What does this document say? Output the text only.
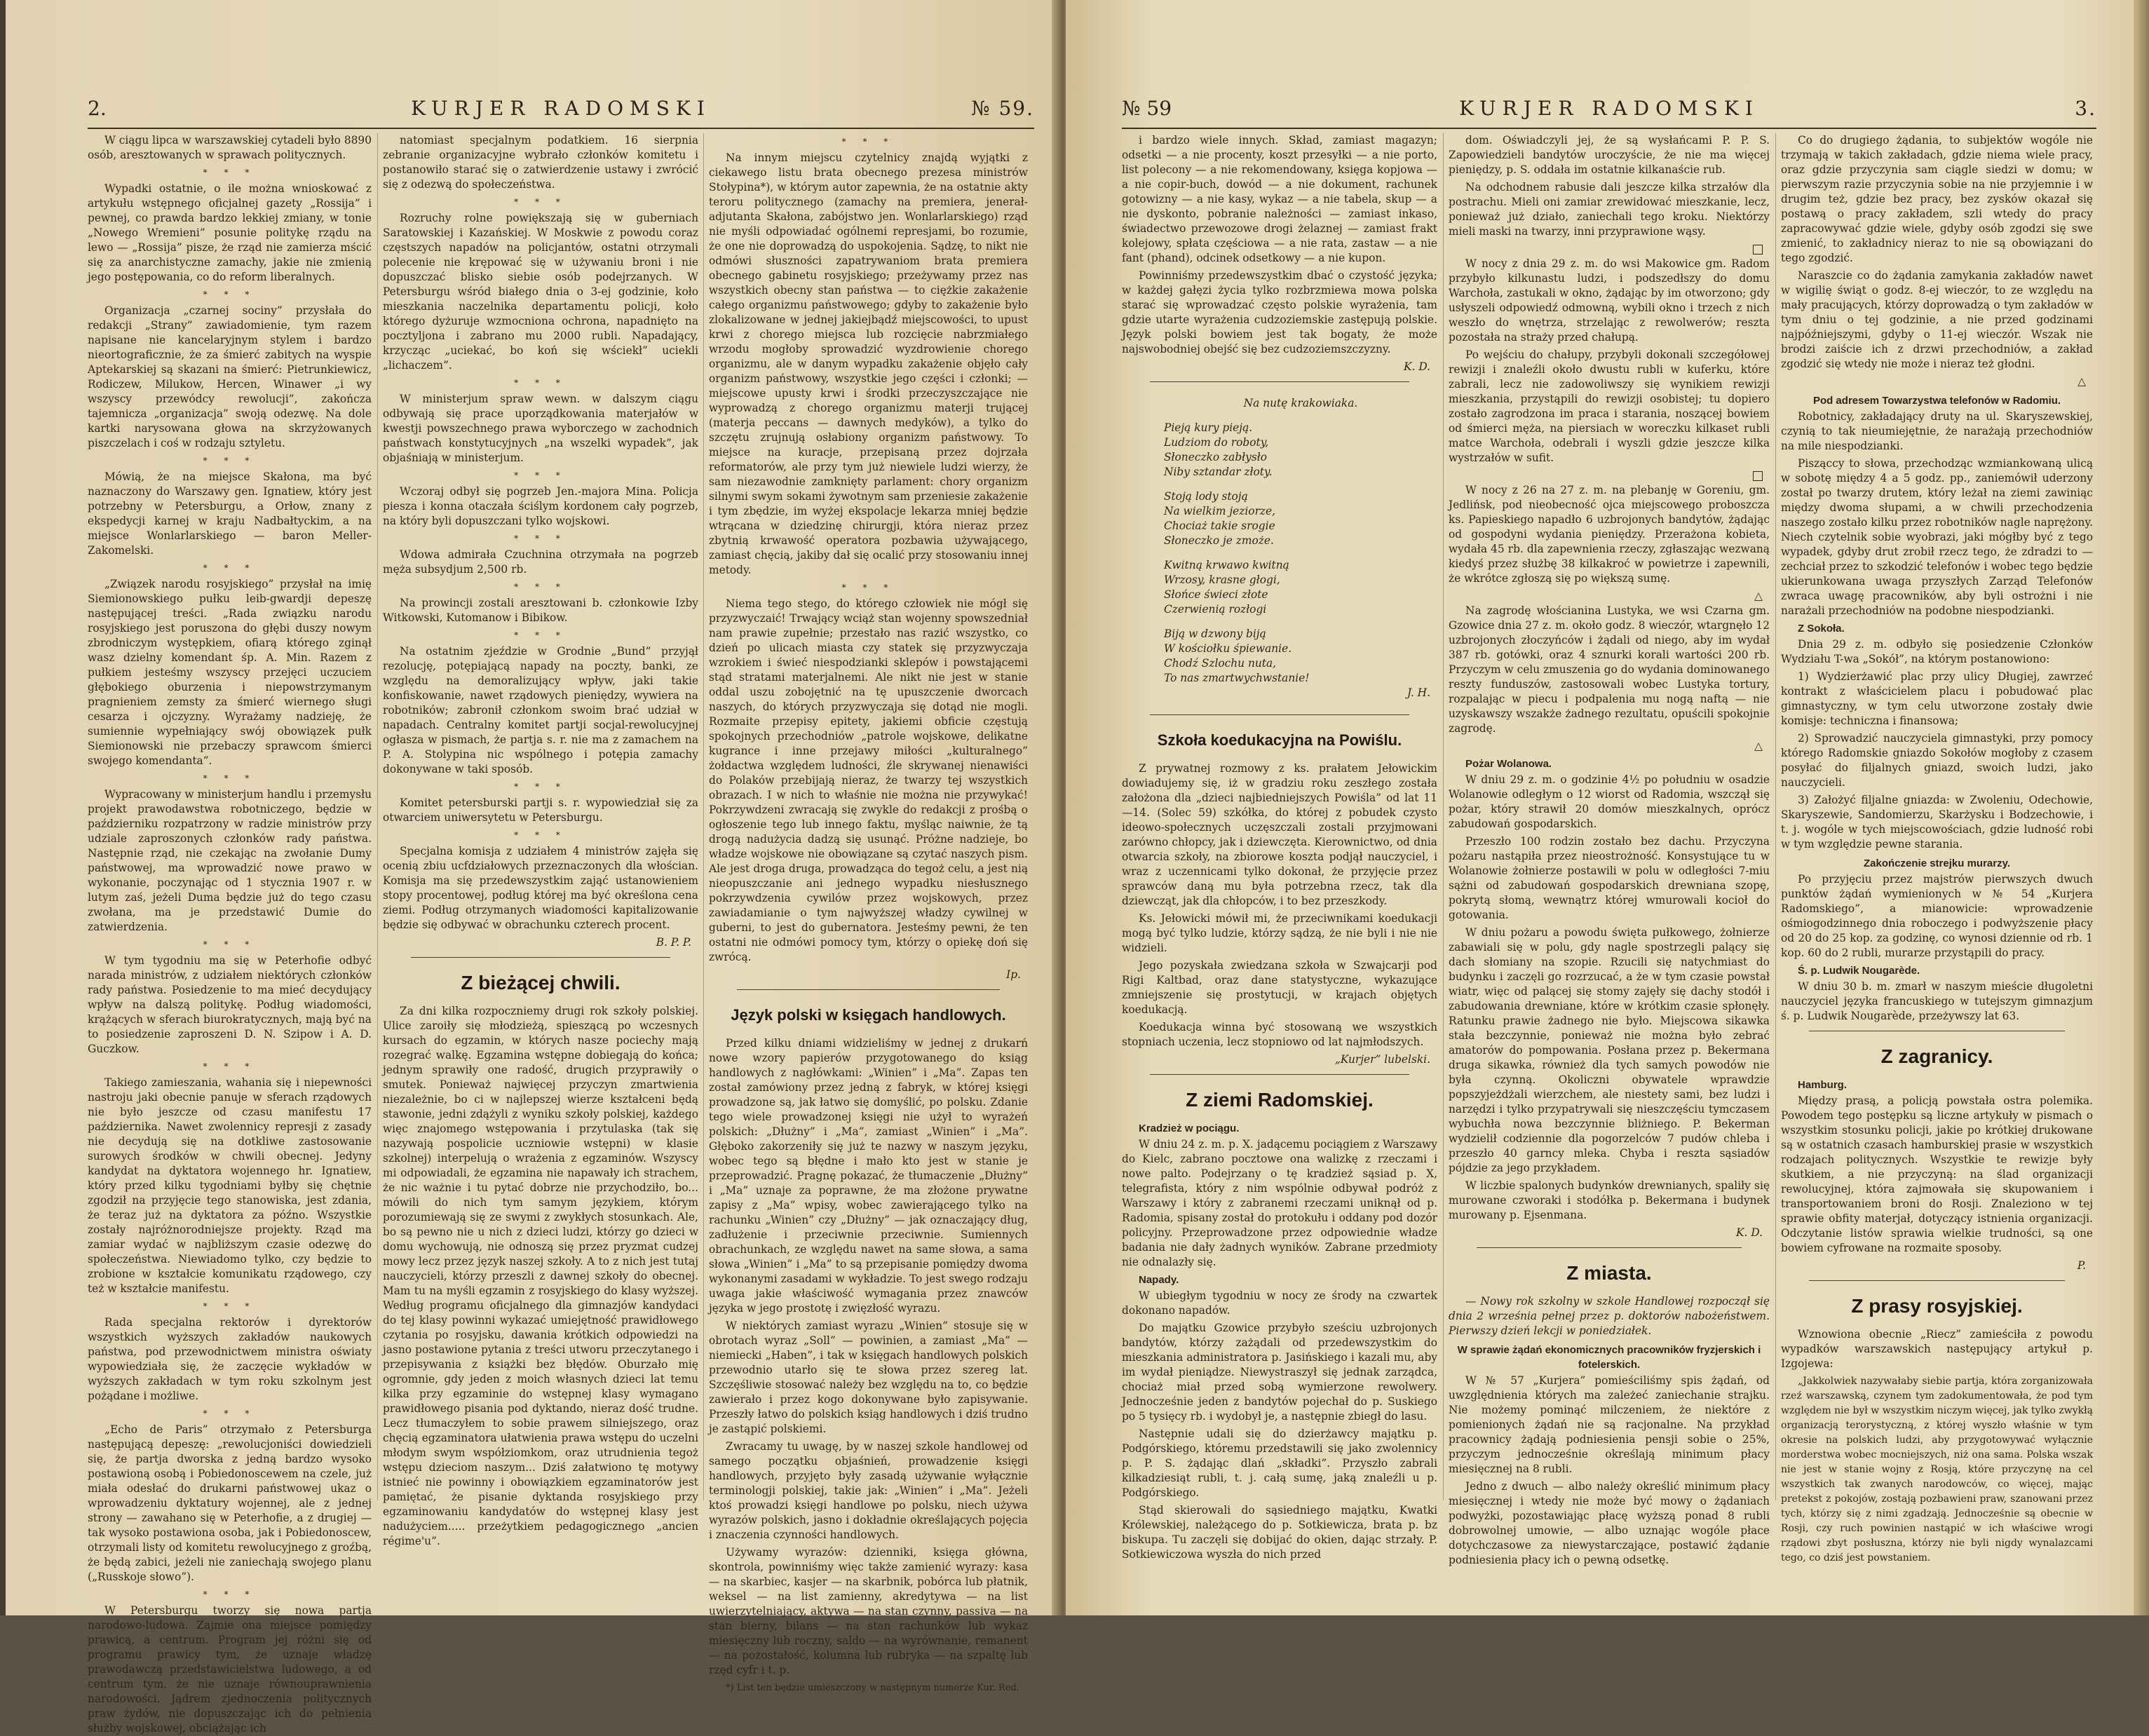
2.	KURJER RADOMSKI	№ 59.

W ciągu lipca w warszawskiej cytadeli było 8890 osób, aresztowanych w sprawach politycznych.

* * *

Wypadki ostatnie, o ile można wnioskować z artykułu wstępnego oficjalnej gazety „Rossija” i pewnej, co prawda bardzo lekkiej zmiany, w tonie „Nowego Wremieni” posunie politykę rządu na lewo — „Rossija” pisze, że rząd nie zamierza mścić się za anarchistyczne zamachy, jakie nie zmienią jego postępowania, co do reform liberalnych.

* * *

Organizacja „czarnej sociny” przysłała do redakcji „Strany” zawiadomienie, tym razem napisane nie kancelaryjnym stylem i bardzo nieortograficznie, że za śmierć zabitych na wyspie Aptekarskiej są skazani na śmierć: Pietrunkiewicz, Rodiczew, Milukow, Hercen, Winawer „i wy wszyscy przewódcy rewolucji”, zakończa tajemnicza „organizacja” swoją odezwę. Na dole kartki narysowana głowa na skrzyżowanych piszczelach i coś w rodzaju sztyletu.

* * *

Mówią, że na miejsce Skałona, ma być naznaczony do Warszawy gen. Ignatiew, który jest potrzebny w Petersburgu, a Orłow, znany z ekspedycji karnej w kraju Nadbałtyckim, a na miejsce Wonlarlarskiego — baron Meller-Zakomelski.

* * *

„Związek narodu rosyjskiego” przysłał na imię Siemionowskiego pułku leib-gwardji depeszę następującej treści. „Rada związku narodu rosyjskiego jest poruszona do głębi duszy nowym zbrodniczym występkiem, ofiarą którego zginął wasz dzielny komendant śp. A. Min. Razem z pułkiem jesteśmy wszyscy przejęci uczuciem głębokiego oburzenia i niepowstrzymanym pragnieniem zemsty za śmierć wiernego sługi cesarza i ojczyzny. Wyrażamy nadzieję, że sumiennie wypełniający swój obowiązek pułk Siemionowski nie przebaczy sprawcom śmierci swojego komendanta”.

* * *

Wypracowany w ministerjum handlu i przemysłu projekt prawodawstwa robotniczego, będzie w październiku rozpatrzony w radzie ministrów przy udziale zaproszonych członków rady państwa. Następnie rząd, nie czekając na zwołanie Dumy państwowej, ma wprowadzić nowe prawo w wykonanie, poczynając od 1 stycznia 1907 r. w lutym zaś, jeżeli Duma będzie już do tego czasu zwołana, ma je przedstawić Dumie do zatwierdzenia.

* * *

W tym tygodniu ma się w Peterhofie odbyć narada ministrów, z udziałem niektórych członków rady państwa. Posiedzenie to ma mieć decydujący wpływ na dalszą politykę. Podług wiadomości, krążących w sferach biurokratycznych, mają być na to posiedzenie zaproszeni D. N. Szipow i A. D. Guczkow.

* * *

Takiego zamieszania, wahania się i niepewności nastroju jaki obecnie panuje w sferach rządowych nie było jeszcze od czasu manifestu 17 października. Nawet zwolennicy represji z zasady nie decydują się na dotkliwe zastosowanie surowych środków w chwili obecnej. Jedyny kandydat na dyktatora wojennego hr. Ignatiew, który przed kilku tygodniami byłby się chętnie zgodził na przyjęcie tego stanowiska, jest zdania, że teraz już na dyktatora za późno. Wszystkie zostały najróżnorodniejsze projekty. Rząd ma zamiar wydać w najbliższym czasie odezwę do społeczeństwa. Niewiadomo tylko, czy będzie to zrobione w kształcie komunikatu rządowego, czy też w kształcie manifestu.

* * *

Rada specjalna rektorów i dyrektorów wszystkich wyższych zakładów naukowych państwa, pod przewodnictwem ministra oświaty wypowiedziała się, że zaczęcie wykładów w wyższych zakładach w tym roku szkolnym jest pożądane i możliwe.

* * *

„Echo de Paris” otrzymało z Petersburga następującą depeszę: „rewolucjoniści dowiedzieli się, że partja dworska z jedną bardzo wysoko postawioną osobą i Pobiedonoscewem na czele, już miała odesłać do drukarni państwowej ukaz o wprowadzeniu dyktatury wojennej, ale z jednej strony — zawahano się w Peterhofie, a z drugiej — tak wysoko postawiona osoba, jak i Pobiedonoscew, otrzymali listy od komitetu rewolucyjnego z groźbą, że będą zabici, jeżeli nie zaniechają swojego planu („Russkoje słowo”).

* * *

W Petersburgu tworzy się nowa partja narodowo-ludowa. Zajmie ona miejsce pomiędzy prawicą, a centrum. Program jej różni się od programu prawicy tym, że uznaje władzę prawodawczą przedstawicielstwa ludowego, a od centrum tym, że nie uznaje równouprawnienia narodowości. Jądrem zjednoczenia politycznych praw żydów, nie dopuszczając ich do pełnienia służby wojskowej, obciążając ich

natomiast specjalnym podatkiem. 16 sierpnia zebranie organizacyjne wybrało członków komitetu i postanowiło starać się o zatwierdzenie ustawy i zwrócić się z odezwą do społeczeństwa.

* * *

Rozruchy rolne powiększają się w guberniach Saratowskiej i Kazańskiej. W Moskwie z powodu coraz częstszych napadów na policjantów, ostatni otrzymali polecenie nie krępować się w używaniu broni i nie dopuszczać blisko siebie osób podejrzanych. W Petersburgu wśród białego dnia o 3-ej godzinie, koło mieszkania naczelnika departamentu policji, koło którego dyżuruje wzmocniona ochrona, napadnięto na pocztyljona i zabrano mu 2000 rubli. Napadający, krzycząc „uciekać, bo koń się wściekł” uciekli „lichaczem”.

* * *

W ministerjum spraw wewn. w dalszym ciągu odbywają się prace uporządkowania materjałów w kwestji powszechnego prawa wyborczego w zachodnich państwach konstytucyjnych „na wszelki wypadek”, jak objaśniają w ministerjum.

* * *

Wczoraj odbył się pogrzeb Jen.-majora Mina. Policja piesza i konna otaczała ściślym kordonem cały pogrzeb, na który byli dopuszczani tylko wojskowi.

* * *

Wdowa admirała Czuchnina otrzymała na pogrzeb męża subsydjum 2,500 rb.

* * *

Na prowincji zostali aresztowani b. członkowie Izby Witkowski, Kutomanow i Bibikow.

* * *

Na ostatnim zjeździe w Grodnie „Bund” przyjął rezolucję, potępiającą napady na poczty, banki, ze względu na demoralizujący wpływ, jaki takie konfiskowanie, nawet rządowych pieniędzy, wywiera na robotników; zabronił członkom swoim brać udział w napadach. Centralny komitet partji socjal-rewolucyjnej ogłasza w pismach, że partja s. r. nie ma z zamachem na P. A. Stolypina nic wspólnego i potępia zamachy dokonywane w taki sposób.

* * *

Komitet petersburski partji s. r. wypowiedział się za otwarciem uniwersytetu w Petersburgu.

* * *

Specjalna komisja z udziałem 4 ministrów zajęła się ocenią zbiu ucfdziałowych przeznaczonych dla włościan. Komisja ma się przedewszystkim zająć ustanowieniem stopy procentowej, podług której ma być określona cena ziemi. Podług otrzymanych wiadomości kapitalizowanie będzie się odbywać w obrachunku czterech procent.

B. P. P.
Z bieżącej chwili.

Za dni kilka rozpoczniemy drugi rok szkoły polskiej. Ulice zaroiły się młodzieżą, spieszącą po wczesnych kursach do egzamin, w których nasze pociechy mają rozegrać walkę. Egzamina wstępne dobiegają do końca; jednym sprawiły one radość, drugich przyprawiły o smutek. Ponieważ najwięcej przyczyn zmartwienia niezależnie, bo ci w najlepszej wierze kształceni będą stawonie, jedni zdążyli z wyniku szkoły polskiej, każdego więc znajomego wstępowania i przytulaska (tak się nazywają pospolicie uczniowie wstępni) w klasie szkolnej) interpelują o wrażenia z egzaminów. Wszyscy mi odpowiadali, że egzamina nie napawały ich strachem, że nic ważnie i tu pytać dobrze nie przychodziło, bo... mówili do nich tym samym językiem, którym porozumiewają się ze swymi z zwykłych stosunkach. Ale, bo są pewno nie u nich z dzieci ludzi, którzy go dzieci w domu wychowują, nie odnoszą się przez pryzmat cudzej mowy lecz przez język naszej szkoły. A to z nich jest tutaj nauczycieli, którzy przeszli z dawnej szkoły do obecnej. Mam tu na myśli egzamin z rosyjskiego do klasy wyższej. Według programu oficjalnego dla gimnazjów kandydaci do tej klasy powinni wykazać umiejętność prawidłowego czytania po rosyjsku, dawania krótkich odpowiedzi na jasno postawione pytania z treści utworu przeczytanego i przepisywania z książki bez błędów. Oburzało mię ogromnie, gdy jeden z moich własnych dzieci lat temu kilka przy egzaminie do wstępnej klasy wymagano prawidłowego pisania pod dyktando, nieraz dość trudne. Lecz tłumaczyłem to sobie prawem silniejszego, oraz chęcią egzaminatora ułatwienia prawa wstępu do uczelni młodym swym współziomkom, oraz utrudnienia tegoż wstępu dzieciom naszym... Dziś załatwiono tę motywy istnieć nie powinny i obowiązkiem egzaminatorów jest pamiętać, że pisanie dyktanda rosyjskiego przy egzaminowaniu kandydatów do wstępnej klasy jest nadużyciem..... przeżytkiem pedagogicznego „ancien régime'u”.

* * *

Na innym miejscu czytelnicy znajdą wyjątki z ciekawego listu brata obecnego prezesa ministrów Stołypina*), w którym autor zapewnia, że na ostatnie akty teroru politycznego (zamachy na premiera, jenerał-adjutanta Skałona, zabójstwo jen. Wonlarlarskiego) rząd nie myśli odpowiadać ogólnemi represjami, bo rozumie, że one nie doprowadzą do uspokojenia. Sądzę, to nikt nie odmówi słuszności zapatrywaniom brata premiera obecnego gabinetu rosyjskiego; przeżywamy przez nas wszystkich obecny stan państwa — to ciężkie zakażenie całego organizmu państwowego; gdyby to zakażenie było zlokalizowane w jednej jakiejbądź miejscowości, to upust krwi z chorego miejsca lub rozcięcie nabrzmiałego wrzodu mogłoby sprowadzić wyzdrowienie chorego organizmu, ale w danym wypadku zakażenie objęło cały organizm państwowy, wszystkie jego części i członki; — miejscowe upusty krwi i środki przeczyszczające nie wyprowadzą z chorego organizmu materji trującej (materja peccans — dawnych medyków), a tylko do szczętu zrujnują osłabiony organizm państwowy. To miejsce na kuracje, przepisaną przez dojrzała reformatorów, ale przy tym już niewiele ludzi wierzy, że sam niezawodnie zamknięty parlament: chory organizm silnymi swym sokami żywotnym sam przeniesie zakażenie i tym zbędzie, im wyżej ekspolacje lekarza mniej będzie wtrącana w dziedzinę chirurgji, która nieraz przez zbytnią krwawość operatora pozbawia używającego, zamiast chęcią, jakiby dał się ocalić przy stosowaniu innej metody.

* * *

Niema tego stego, do którego człowiek nie mógł się przyzwyczaić! Trwający wciąż stan wojenny spowszedniał nam prawie zupełnie; przestało nas razić wszystko, co dzień po ulicach miasta czy statek się przyzwyczaja wzrokiem i świeć niespodzianki sklepów i powstającemi stąd stratami materjalnemi. Ale nikt nie jest w stanie oddal uszu zobojętnić na tę upuszczenie dworcach naszych, do których przyzwyczaja się dotąd nie mogli. Rozmaite przepisy epitety, jakiemi obficie częstują spokojnych przechodniów „patrole wojskowe, delikatne kugrance i inne przejawy miłości „kulturalnego” żołdactwa względem ludności, źle skrywanej nienawiści do Polaków przebijają nieraz, że twarzy tej wszystkich obrazach. I w nich to właśnie nie można nie przywykać! Pokrzywdzeni zwracają się zwykle do redakcji z prośbą o ogłoszenie tego lub innego faktu, myśląc naiwnie, że tą drogą nadużycia dadzą się usunąć. Próżne nadzieje, bo władze wojskowe nie obowiązane są czytać naszych pism. Ale jest droga druga, prowadząca do tegoż celu, a jest nią nieopuszczanie ani jednego wypadku niesłusznego pokrzywdzenia cywilów przez wojskowych, przez zawiadamianie o tym najwyższej władzy cywilnej w guberni, to jest do gubernatora. Jesteśmy pewni, że ten ostatni nie odmówi pomocy tym, którzy o opiekę doń się zwrócą.

Ip.
Język polski w księgach handlowych.

Przed kilku dniami widzieliśmy w jednej z drukarń nowe wzory papierów przygotowanego do ksiąg handlowych z nagłówkami: „Winien” i „Ma”. Zapas ten został zamówiony przez jedną z fabryk, w której księgi prowadzone są, jak łatwo się domyślić, po polsku. Zdanie tego wiele prowadzonej księgi nie użył to wyrażeń polskich: „Dłużny” i „Ma”, zamiast „Winien” i „Ma”. Głęboko zakorzeniły się już te nazwy w naszym języku, wobec tego są błędne i mało kto jest w stanie je przeprowadzić. Pragnę pokazać, że tłumaczenie „Dłużny” i „Ma” uznaje za poprawne, że ma złożone prywatne zapisy z „Ma” wpisy, wobec zawierającego tylko na rachunku „Winien” czy „Dłużny” — jak oznaczający dług, zadłużenie i przeciwnie przeciwnie. Sumiennych obrachunkach, ze względu nawet na same słowa, a sama słowa „Winien” i „Ma” to są przepisanie pomiędzy dwoma wykonanymi zasadami w wykładzie. To jest swego rodzaju uwaga jakie właściwość wymagania przez znawców języka w jego prostotę i zwięzłość wyrazu.

W niektórych zamiast wyrazu „Winien” stosuje się w obrotach wyraz „Soll” — powinien, a zamiast „Ma” — niemiecki „Haben”, i tak w księgach handlowych polskich przewodnio utarło się te słowa przez szereg lat. Szczęśliwie stosować należy bez względu na to, co będzie zawierało i przez kogo dokonywane było zapisywanie. Przeszły łatwo do polskich ksiąg handlowych i dziś trudno je zastąpić polskiemi.

Zwracamy tu uwagę, by w naszej szkole handlowej od samego początku objaśnień, prowadzenie księgi handlowych, przyjęto były zasadą używanie wyłącznie terminologji polskiej, takie jak: „Winien” i „Ma”. Jeżeli ktoś prowadzi księgi handlowe po polsku, niech używa wyrazów polskich, jasno i dokładnie określających pojęcia i znaczenia czynności handlowych.

Używamy wyrazów: dzienniki, księga główna, skontrola, powinniśmy więc także zamienić wyrazy: kasa — na skarbiec, kasjer — na skarbnik, pobórca lub płatnik, weksel — na list zamienny, akredytywa — na list uwierzytelniający, aktywa — na stan czynny, passiva — na stan bierny, bilans — na stan rachunków lub wykaz miesięczny lub roczny, saldo — na wyrównanie, remanent — na pozostałość, kolumna lub rubryka — na szpaltę lub rzęd cyfr i t. p.

*) List ten będzie umieszczony w następnym numerze Kur. Red.

№ 59	KURJER RADOMSKI	3.

i bardzo wiele innych. Skład, zamiast magazyn; odsetki — a nie procenty, koszt przesyłki — a nie porto, list polecony — a nie rekomendowany, księga kopjowa — a nie copir-buch, dowód — a nie dokument, rachunek gotowizny — a nie kasy, wykaz — a nie tabela, skup — a nie dyskonto, pobranie należności — zamiast inkaso, świadectwo przewozowe drogi żelaznej — zamiast frakt kolejowy, spłata częściowa — a nie rata, zastaw — a nie fant (phand), odcinek odsetkowy — a nie kupon.

Powinniśmy przedewszystkim dbać o czystość języka; w każdej gałęzi życia tylko rozbrzmiewa mowa polska starać się wprowadzać często polskie wyrażenia, tam gdzie utarte wyrażenia cudzoziemskie zastępują polskie. Język polski bowiem jest tak bogaty, że może najswobodniej obejść się bez cudzoziemszczyzny.

K. D.
Na nutę krakowiaka.
Pieją kury pieją.
Ludziom do roboty,
Słoneczko zabłysło
Niby sztandar złoty.
Stoją lody stoją
Na wielkim jeziorze,
Chociaż takie srogie
Słoneczko je zmoże.
Kwitną krwawo kwitną
Wrzosy, krasne głogi,
Słońce świeci złote
Czerwienią rozłogi
Biją w dzwony biją
W kościołku śpiewanie.
Chodź Szlochu nuta,
To nas zmartwychwstanie!
J. H.
Szkoła koedukacyjna na Powiślu.

Z prywatnej rozmowy z ks. prałatem Jełowickim dowiadujemy się, iż w gradziu roku zeszłego została założona dla „dzieci najbiedniejszych Powiśla” od lat 11—14. (Solec 59) szkółka, do której z pobudek czysto ideowo-społecznych uczęszczali zostali przyjmowani zarówno chłopcy, jak i dziewczęta. Kierownictwo, od dnia otwarcia szkoły, na zbiorowe koszta podjął nauczyciel, i wraz z uczennicami tylko dokonał, że przyjęcie przez sprawców daną mu była potrzebna rzecz, tak dla dziewcząt, jak dla chłopców, i to bez przeszkody.

Ks. Jełowicki mówił mi, że przeciwnikami koedukacji mogą być tylko ludzie, którzy sądzą, że nie byli i nie nie widzieli.

Jego pozyskała zwiedzana szkoła w Szwajcarji pod Rigi Kaltbad, oraz dane statystyczne, wykazujące zmniejszenie się prostytucji, w krajach objętych koedukacją.

Koedukacja winna być stosowaną we wszystkich stopniach uczenia, lecz stopniowo od lat najmłodszych.

„Kurjer” lubelski.
Z ziemi Radomskiej.
Kradzież w pociągu.

W dniu 24 z. m. p. X. jadącemu pociągiem z Warszawy do Kielc, zabrano pocztowe ona walizkę z rzeczami i nowe palto. Podejrzany o tę kradzież sąsiad p. X, telegrafista, który z nim wspólnie odbywał podróż z Warszawy i który z zabranemi rzeczami uniknął od p. Radomia, spisany został do protokułu i oddany pod dozór policyjny. Przeprowadzone przez odpowiednie władze badania nie dały żadnych wyników. Zabrane przedmioty nie odnalazły się.

Napady.

W ubiegłym tygodniu w nocy ze środy na czwartek dokonano napadów.

Do majątku Gzowice przybyło sześciu uzbrojonych bandytów, którzy zażądali od przedewszystkim do mieszkania administratora p. Jasińskiego i kazali mu, aby im wydał pieniądze. Niewystraszył się jednak zarządca, chociaż miał przed sobą wymierzone rewolwery. Jednocześnie jeden z bandytów pojechał do p. Suskiego po 5 tysięcy rb. i wydobył je, a następnie zbiegł do lasu.

Następnie udali się do dzierżawcy majątku p. Podgórskiego, któremu przedstawili się jako zwolennicy p. P. S. żądając dlań „składki”. Przyszło zabrali kilkadziesiąt rubli, t. j. całą sumę, jaką znaleźli u p. Podgórskiego.

Stąd skierowali do sąsiedniego majątku, Kwatki Królewskiej, należącego do p. Sotkiewicza, brata p. bz biskupa. Tu zaczęli się dobijać do okien, dając strzały. P. Sotkiewiczowa wyszła do nich przed

dom. Oświadczyli jej, że są wysłańcami P. P. S. Zapowiedzieli bandytów uroczyście, że nie ma więcej pieniędzy, p. S. oddała im ostatnie kilkanaście rub.

Na odchodnem rabusie dali jeszcze kilka strzałów dla postrachu. Mieli oni zamiar zrewidować mieszkanie, lecz, ponieważ już działo, zaniechali tego kroku. Niektórzy mieli maski na twarzy, inni przyprawione wąsy.

W nocy z dnia 29 z. m. do wsi Makowice gm. Radom przybyło kilkunastu ludzi, i podszedłszy do domu Warchoła, zastukali w okno, żądając by im otworzono; gdy usłyszeli odpowiedź odmowną, wybili okno i trzech z nich weszło do wnętrza, strzelając z rewolwerów; reszta pozostała na straży przed chałupą.

Po wejściu do chałupy, przybyli dokonali szczegółowej rewizji i znaleźli około dwustu rubli w kuferku, które zabrali, lecz nie zadowoliwszy się wynikiem rewizji mieszkania, przystąpili do rewizji osobistej; tu dopiero zostało zagrodzona im praca i starania, noszącej bowiem od śmierci męża, na piersiach w woreczku kilkaset rubli matce Warchoła, odebrali i wyszli gdzie jeszcze kilka wystrzałów w sufit.

W nocy z 26 na 27 z. m. na plebanję w Goreniu, gm. Jedlińsk, pod nieobecność ojca miejscowego proboszcza ks. Papieskiego napadło 6 uzbrojonych bandytów, żądając od gospodyni wydania pieniędzy. Przerażona kobieta, wydała 45 rb. dla zapewnienia rzeczy, zgłaszając wezwaną kiedyś przez służbę 38 kilkakroć w powietrze i zapewnili, że wkrótce zgłoszą się po większą sumę.

△

Na zagrodę włościanina Lustyka, we wsi Czarna gm. Gzowice dnia 27 z. m. około godz. 8 wieczór, wtargnęło 12 uzbrojonych złoczyńców i żądali od niego, aby im wydał 387 rb. gotówki, oraz 4 sznurki korali wartości 200 rb. Przyczym w celu zmuszenia go do wydania dominowanego reszty funduszów, zastosowali wobec Lustyka tortury, rozpalając w piecu i podpalenia mu nogą naftą — nie uzyskawszy wszakże żadnego rezultatu, opuścili spokojnie zagrodę.

△
Pożar Wolanowa.

W dniu 29 z. m. o godzinie 4½ po południu w osadzie Wolanowie odległym o 12 wiorst od Radomia, wszczął się pożar, który strawił 20 domów mieszkalnych, oprócz zabudowań gospodarskich.

Przeszło 100 rodzin zostało bez dachu. Przyczyna pożaru nastąpiła przez nieostrożność. Konsystujące tu w Wolanowie żołnierze postawili w polu w odległości 7-miu sążni od zabudowań gospodarskich drewniana szopę, pokrytą słomą, wewnątrz której wmurowali kocioł do gotowania.

W dniu pożaru a powodu święta pułkowego, żołnierze zabawiali się w polu, gdy nagle spostrzegli palący się dach słomiany na szopie. Rzucili się natychmiast do budynku i zaczęli go rozrzucać, a że w tym czasie powstał wiatr, więc od palącej się stomy zajęły się dachy stodół i zabudowania drewniane, które w krótkim czasie spłonęły. Ratunku prawie żadnego nie było. Miejscowa sikawka stała bezczynnie, ponieważ nie można było zebrać amatorów do pompowania. Posłana przez p. Bekermana druga sikawka, również dla tych samych powodów nie była czynną. Okoliczni obywatele wprawdzie popszyjeżdżali wierzchem, ale niestety sami, bez ludzi i narzędzi i tylko przypatrywali się nieszczęściu tymczasem wybuchła nowa bezczynnie bliżniego. P. Bekerman wydzielił codziennie dla pogorzelców 7 pudów chleba i przeszło 40 garncy mleka. Chyba i reszta sąsiadów pójdzie za jego przykładem.

W liczbie spalonych budynków drewnianych, spaliły się murowane czworaki i stodółka p. Bekermana i budynek murowany p. Ejsenmana.

K. D.
Z miasta.

— Nowy rok szkolny w szkole Handlowej rozpoczął się dnia 2 września pełnej przez p. doktorów nabożeństwem. Pierwszy dzień lekcji w poniedziałek.

W sprawie żądań ekonomicznych pracowników fryzjerskich i fotelerskich.

W № 57 „Kurjera” pomieściliśmy spis żądań, od uwzględnienia których ma zależeć zaniechanie strajku. Nie możemy pominąć milczeniem, że niektóre z pomienionych żądań nie są racjonalne. Na przykład pracownicy żądają podniesienia pensji sobie o 25%, przyczym jednocześnie określają minimum płacy miesięcznej na 8 rubli.

Jedno z dwuch — albo należy określić minimum płacy miesięcznej i wtedy nie może być mowy o żądaniach podwyżki, pozostawiając płacę wyższą ponad 8 rubli dobrowolnej umowie, — albo uznając wogóle płace dotychczasowe za niewystarczające, postawić żądanie podniesienia płacy ich o pewną odsetkę.

Co do drugiego żądania, to subjektów wogóle nie trzymają w takich zakładach, gdzie niema wiele pracy, oraz gdzie przyczynia sam ciągle siedzi w domu; w pierwszym razie przyczynia sobie na nie przyjemnie i w drugim też, gdzie bez pracy, bez zysków okazał się postawą o pracy zakładem, szli wtedy do pracy zapracowywać gdzie wiele, gdyby osób zgodzi się swe zmienić, to zakładnicy nieraz to nie są obowiązani do tego zgodzić.

Naraszcie co do żądania zamykania zakładów nawet w wigilię świąt o godz. 8-ej wieczór, to ze względu na mały pracujących, którzy doprowadzą o tym zakładów w tym dniu o tej godzinie, a nie przed godzinami najpóźniejszymi, gdyby o 11-ej wieczór. Wszak nie brodzi zaiście ich z drzwi przechodniów, a zakład zgodzić się wtedy nie może i nieraz też głodni.

△
Pod adresem Towarzystwa telefonów w Radomiu.

Robotnicy, zakładający druty na ul. Skaryszewskiej, czynią to tak nieumiejętnie, że narażają przechodniów na mile niespodzianki.

Pisząccy to słowa, przechodząc wzmiankowaną ulicą w sobotę między 4 a 5 godz. pp., zaniemówił uderzony został po twarzy drutem, który leżał na ziemi zawiniąc między dwoma słupami, a w chwili przechodzenia naszego zostało kilku przez robotników nagle naprężony. Niech czytelnik sobie wyobrazi, jaki mógłby być z tego wypadek, gdyby drut zrobił rzecz tego, że zdradzi to — zechciał przez to szkodzić telefonów i wobec tego będzie ukierunkowana uwaga przyszłych Zarząd Telefonów zwraca uwagę pracowników, aby byli ostrożni i nie narażali przechodniów na podobne niespodzianki.

Z Sokoła.

Dnia 29 z. m. odbyło się posiedzenie Członków Wydziału T-wa „Sokół”, na którym postanowiono:

1) Wydzierżawić plac przy ulicy Długiej, zawrzeć kontrakt z właścicielem placu i pobudować plac gimnastyczny, w tym celu utworzone zostały dwie komisje: techniczna i finansowa;

2) Sprowadzić nauczyciela gimnastyki, przy pomocy którego Radomskie gniazdo Sokołów mogłoby z czasem posyłać do filjalnych gniazd, swoich ludzi, jako nauczycieli.

3) Założyć filjalne gniazda: w Zwoleniu, Odechowie, Skaryszewie, Sandomierzu, Skarżysku i Bodzechowie, i t. j. wogóle w tych miejscowościach, gdzie ludność robi w tym względzie pewne starania.

Zakończenie strejku murarzy.

Po przyjęciu przez majstrów pierwszych dwuch punktów żądań wymienionych w № 54 „Kurjera Radomskiego”, a mianowicie: wprowadzenie ośmiogodzinnego dnia roboczego i podwyższenie płacy od 20 do 25 kop. za godzinę, co wynosi dziennie od rb. 1 kop. 60 do 2 rubli, murarze przystąpili do pracy.

Ś. p. Ludwik Nougarède.

W dniu 30 b. m. zmarł w naszym mieście długoletni nauczyciel języka francuskiego w tutejszym gimnazjum ś. p. Ludwik Nougarède, przeżywszy lat 63.

Z zagranicy.
Hamburg.

Między prasą, a policją powstała ostra polemika. Powodem tego postępku są liczne artykuły w pismach o wszystkim stosunku policji, jakie po krótkiej drukowane są w ostatnich czasach hamburskiej prasie w wszystkich rodzajach politycznych. Wszystkie te rewizje były skutkiem, a nie przyczyną: na ślad organizacji rewolucyjnej, która zajmowała się skupowaniem i transportowaniem broni do Rosji. Znaleziono w tej sprawie obfity materjał, dotyczący istnienia organizacji. Odczytanie listów sprawia wielkie trudności, są one bowiem cyfrowane na rozmaite sposoby.

P.
Z prasy rosyjskiej.

Wznowiona obecnie „Riecz” zamieściła z powodu wypadków warszawskich następujący artykuł p. Izgojewa:

„Jakkolwiek nazywałaby siebie partja, która zorganizowała rzeź warszawską, czynem tym zadokumentowała, że pod tym względem nie był w wszystkim niczym więcej, jak tylko zwykłą organizacją terorystyczną, z której wyszło właśnie w tym okresie na polskich ludzi, aby przygotowywać wyłącznie morderstwa wobec mocniejszych, niż ona sama. Polska wszak nie jest w stanie wojny z Rosją, które przyczynę na cel wszystkich tak zwanych narodowców, co więcej, mając pretekst z pokojów, zostają pozbawieni praw, szanowani przez tych, którzy się z nimi zgadzają. Jednocześnie są obecnie w Rosji, czy ruch powinien nastąpić w ich właściwe wrogi rządowi zbyt posłuszna, którzy nie byli nigdy wynalazcami tego, co dziś jest powstaniem.
